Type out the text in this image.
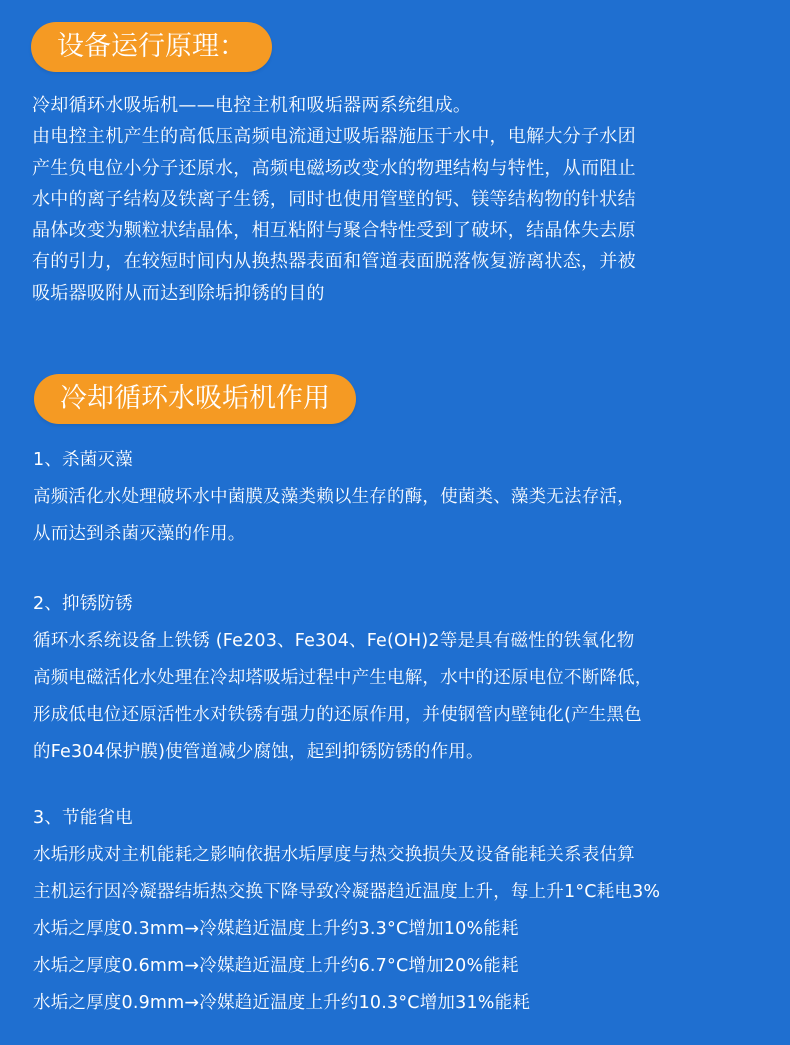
设备运行原理：
冷却循环水吸垢机——电控主机和吸垢器两系统组成。
由电控主机产生的高低压高频电流通过吸垢器施压于水中，电解大分子水团
产生负电位小分子还原水，高频电磁场改变水的物理结构与特性，从而阻止
水中的离子结构及铁离子生锈，同时也使用管壁的钙、镁等结构物的针状结
晶体改变为颗粒状结晶体，相互粘附与聚合特性受到了破坏，结晶体失去原
有的引力，在较短时间内从换热器表面和管道表面脱落恢复游离状态，并被
吸垢器吸附从而达到除垢抑锈的目的
冷却循环水吸垢机作用
1、杀菌灭藻
高频活化水处理破坏水中菌膜及藻类赖以生存的酶，使菌类、藻类无法存活，
从而达到杀菌灭藻的作用。
2、抑锈防锈
循环水系统设备上铁锈 (Fe203、Fe304、Fe(OH)2等是具有磁性的铁氧化物
高频电磁活化水处理在冷却塔吸垢过程中产生电解，水中的还原电位不断降低，
形成低电位还原活性水对铁锈有强力的还原作用，并使钢管内壁钝化(产生黑色
的Fe304保护膜)使管道减少腐蚀，起到抑锈防锈的作用。
3、节能省电
水垢形成对主机能耗之影响依据水垢厚度与热交换损失及设备能耗关系表估算
主机运行因冷凝器结垢热交换下降导致冷凝器趋近温度上升，每上升1°C耗电3%
水垢之厚度0.3mm→冷媒趋近温度上升约3.3°C增加10%能耗
水垢之厚度0.6mm→冷媒趋近温度上升约6.7°C增加20%能耗
水垢之厚度0.9mm→冷媒趋近温度上升约10.3°C增加31%能耗
